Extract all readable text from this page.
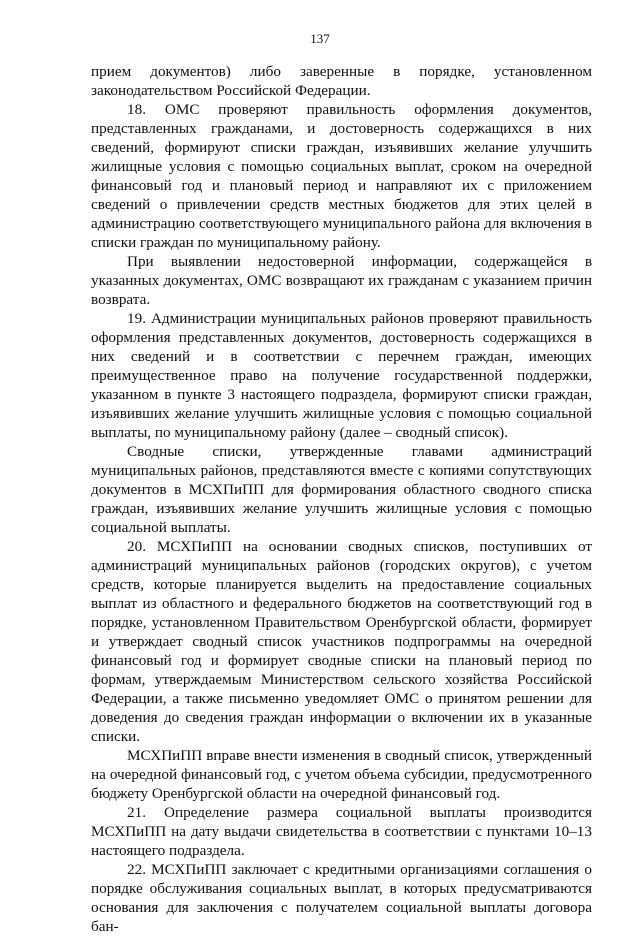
137

прием документов) либо заверенные в порядке, установленном законодательством Российской Федерации.

18. ОМС проверяют правильность оформления документов, представленных гражданами, и достоверность содержащихся в них сведений, формируют списки граждан, изъявивших желание улучшить жилищные условия с помощью социальных выплат, сроком на очередной финансовый год и плановый период и направляют их с приложением сведений о привлечении средств местных бюджетов для этих целей в администрацию соответствующего муниципального района для включения в списки граждан по муниципальному району.

При выявлении недостоверной информации, содержащейся в указанных документах, ОМС возвращают их гражданам с указанием причин возврата.

19. Администрации муниципальных районов проверяют правильность оформления представленных документов, достоверность содержащихся в них сведений и в соответствии с перечнем граждан, имеющих преимущественное право на получение государственной поддержки, указанном в пункте 3 настоящего подраздела, формируют списки граждан, изъявивших желание улучшить жилищные условия с помощью социальной выплаты, по муниципальному району (далее – сводный список).

Сводные списки, утвержденные главами администраций муниципальных районов, представляются вместе с копиями сопутствующих документов в МСХПиПП для формирования областного сводного списка граждан, изъявивших желание улучшить жилищные условия с помощью социальной выплаты.

20. МСХПиПП на основании сводных списков, поступивших от администраций муниципальных районов (городских округов), с учетом средств, которые планируется выделить на предоставление социальных выплат из областного и федерального бюджетов на соответствующий год в порядке, установленном Правительством Оренбургской области, формирует и утверждает сводный список участников подпрограммы на очередной финансовый год и формирует сводные списки на плановый период по формам, утверждаемым Министерством сельского хозяйства Российской Федерации, а также письменно уведомляет ОМС о принятом решении для доведения до сведения граждан информации о включении их в указанные списки.

МСХПиПП вправе внести изменения в сводный список, утвержденный на очередной финансовый год, с учетом объема субсидии, предусмотренного бюджету Оренбургской области на очередной финансовый год.

21. Определение размера социальной выплаты производится МСХПиПП на дату выдачи свидетельства в соответствии с пунктами 10–13 настоящего подраздела.

22. МСХПиПП заключает с кредитными организациями соглашения о порядке обслуживания социальных выплат, в которых предусматриваются основания для заключения с получателем социальной выплаты договора бан-
